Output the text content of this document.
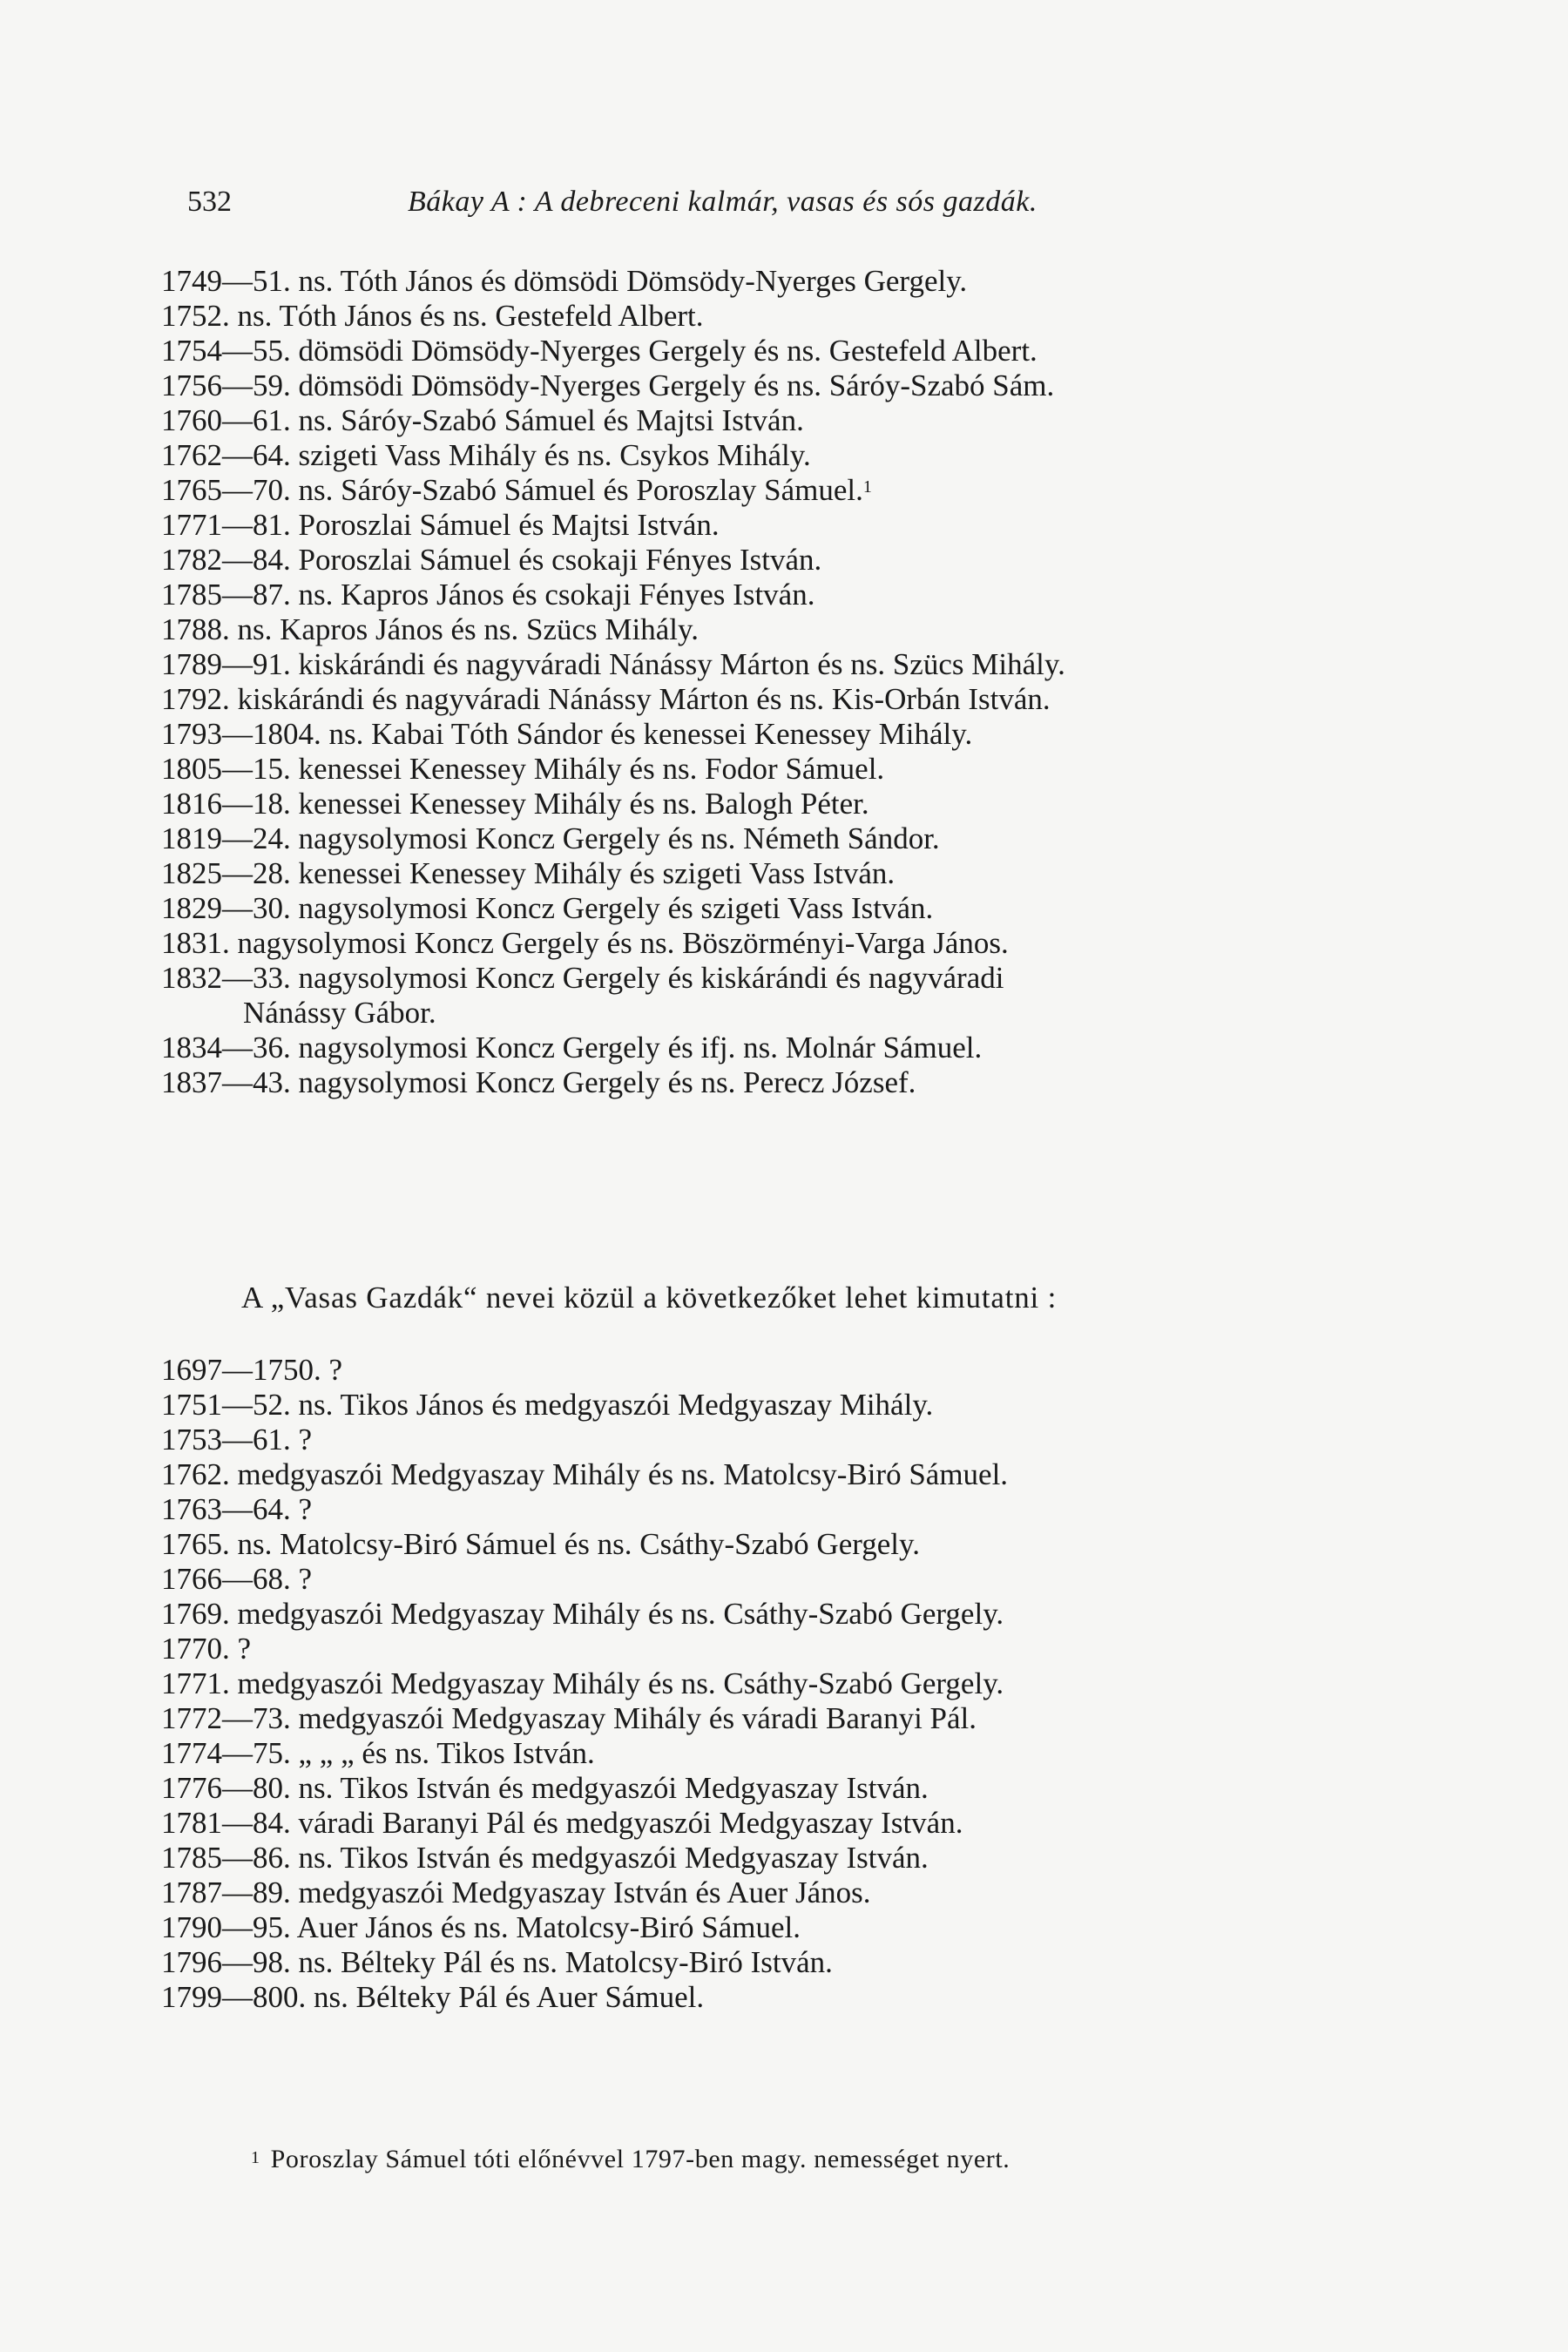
532	Bákay A : A debreceni kalmár, vasas és sós gazdák.
1749—51. ns. Tóth János és dömsödi Dömsödy-Nyerges Gergely.
1752. ns. Tóth János és ns. Gestefeld Albert.
1754—55. dömsödi Dömsödy-Nyerges Gergely és ns. Gestefeld Albert.
1756—59. dömsödi Dömsödy-Nyerges Gergely és ns. Sáróy-Szabó Sám.
1760—61. ns. Sáróy-Szabó Sámuel és Majtsi István.
1762—64. szigeti Vass Mihály és ns. Csykos Mihály.
1765—70. ns. Sáróy-Szabó Sámuel és Poroszlay Sámuel.$^1$
1771—81. Poroszlai Sámuel és Majtsi István.
1782—84. Poroszlai Sámuel és csokaji Fényes István.
1785—87. ns. Kapros János és csokaji Fényes István.
1788. ns. Kapros János és ns. Szücs Mihály.
1789—91. kiskárándi és nagyváradi Nánássy Márton és ns. Szücs Mihály.
1792. kiskárándi és nagyváradi Nánássy Márton és ns. Kis-Orbán István.
1793—1804. ns. Kabai Tóth Sándor és kenessei Kenessey Mihály.
1805—15. kenessei Kenessey Mihály és ns. Fodor Sámuel.
1816—18. kenessei Kenessey Mihály és ns. Balogh Péter.
1819—24. nagysolymosi Koncz Gergely és ns. Németh Sándor.
1825—28. kenessei Kenessey Mihály és szigeti Vass István.
1829—30. nagysolymosi Koncz Gergely és szigeti Vass István.
1831. nagysolymosi Koncz Gergely és ns. Böszörményi-Varga János.
1832—33. nagysolymosi Koncz Gergely és kiskárándi és nagyváradi
Nánássy Gábor.
1834—36. nagysolymosi Koncz Gergely és ifj. ns. Molnár Sámuel.
1837—43. nagysolymosi Koncz Gergely és ns. Perecz József.
A „Vasas Gazdák“ nevei közül a következőket lehet kimutatni :
1697—1750. ?
1751—52. ns. Tikos János és medgyaszói Medgyaszay Mihály.
1753—61. ?
1762. medgyaszói Medgyaszay Mihály és ns. Matolcsy-Biró Sámuel.
1763—64. ?
1765. ns. Matolcsy-Biró Sámuel és ns. Csáthy-Szabó Gergely.
1766—68. ?
1769. medgyaszói Medgyaszay Mihály és ns. Csáthy-Szabó Gergely.
1770. ?
1771. medgyaszói Medgyaszay Mihály és ns. Csáthy-Szabó Gergely.
1772—73. medgyaszói Medgyaszay Mihály és váradi Baranyi Pál.
1774—75. „ „ „ és ns. Tikos István.
1776—80. ns. Tikos István és medgyaszói Medgyaszay István.
1781—84. váradi Baranyi Pál és medgyaszói Medgyaszay István.
1785—86. ns. Tikos István és medgyaszói Medgyaszay István.
1787—89. medgyaszói Medgyaszay István és Auer János.
1790—95. Auer János és ns. Matolcsy-Biró Sámuel.
1796—98. ns. Bélteky Pál és ns. Matolcsy-Biró István.
1799—800. ns. Bélteky Pál és Auer Sámuel.
$^1$ Poroszlay Sámuel tóti előnévvel 1797-ben magy. nemességet nyert.
